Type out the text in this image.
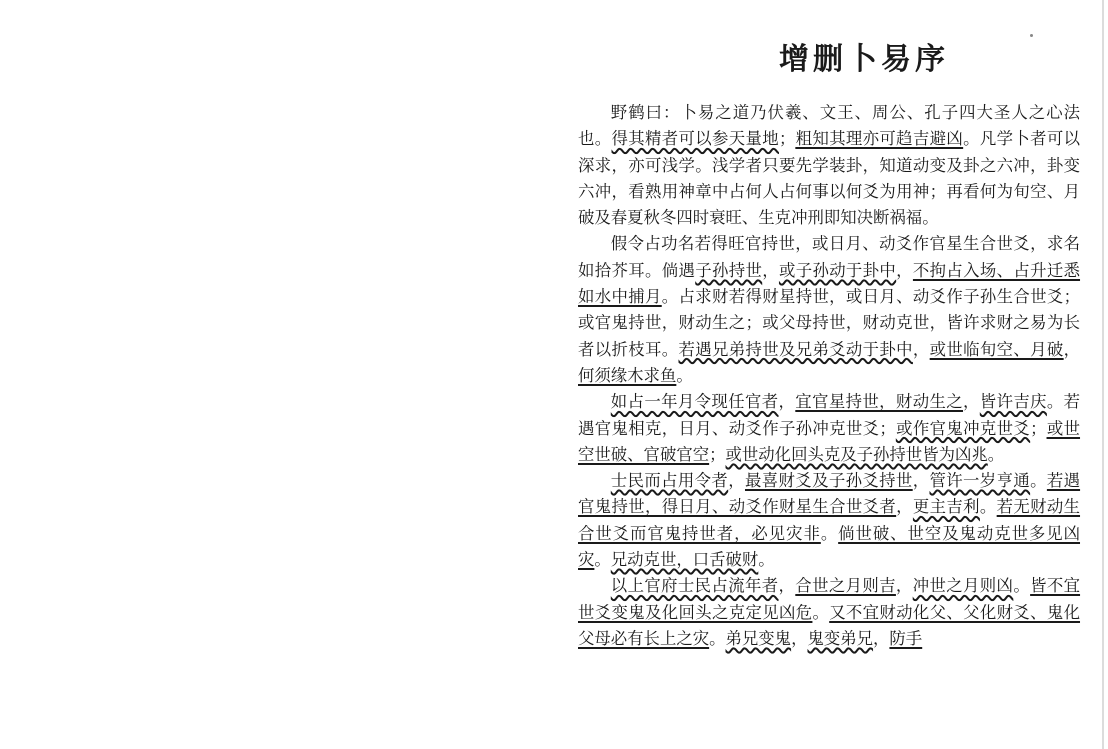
增删卜易序

野鹤曰：卜易之道乃伏羲、文王、周公、孔子四大圣人之心法也。得其精者可以参天量地；粗知其理亦可趋吉避凶。凡学卜者可以深求，亦可浅学。浅学者只要先学装卦，知道动变及卦之六冲，卦变六冲，看熟用神章中占何人占何事以何爻为用神；再看何为旬空、月破及春夏秋冬四时衰旺、生克冲刑即知决断祸福。

假令占功名若得旺官持世，或日月、动爻作官星生合世爻，求名如拾芥耳。倘遇子孙持世，或子孙动于卦中，不拘占入场、占升迁悉如水中捕月。占求财若得财星持世，或日月、动爻作子孙生合世爻；或官鬼持世，财动生之；或父母持世，财动克世，皆许求财之易为长者以折枝耳。若遇兄弟持世及兄弟爻动于卦中，或世临旬空、月破，何须缘木求鱼。

如占一年月令现任官者，宜官星持世，财动生之，皆许吉庆。若遇官鬼相克，日月、动爻作子孙冲克世爻；或作官鬼冲克世爻；或世空世破、官破官空；或世动化回头克及子孙持世皆为凶兆。

士民而占用令者，最喜财爻及子孙爻持世，管许一岁亨通。若遇官鬼持世，得日月、动爻作财星生合世爻者，更主吉利。若无财动生合世爻而官鬼持世者，必见灾非。倘世破、世空及鬼动克世多见凶灾。兄动克世，口舌破财。

以上官府士民占流年者，合世之月则吉，冲世之月则凶。皆不宜世爻变鬼及化回头之克定见凶危。又不宜财动化父、父化财爻、鬼化父母必有长上之灾。弟兄变鬼，鬼变弟兄，防手
